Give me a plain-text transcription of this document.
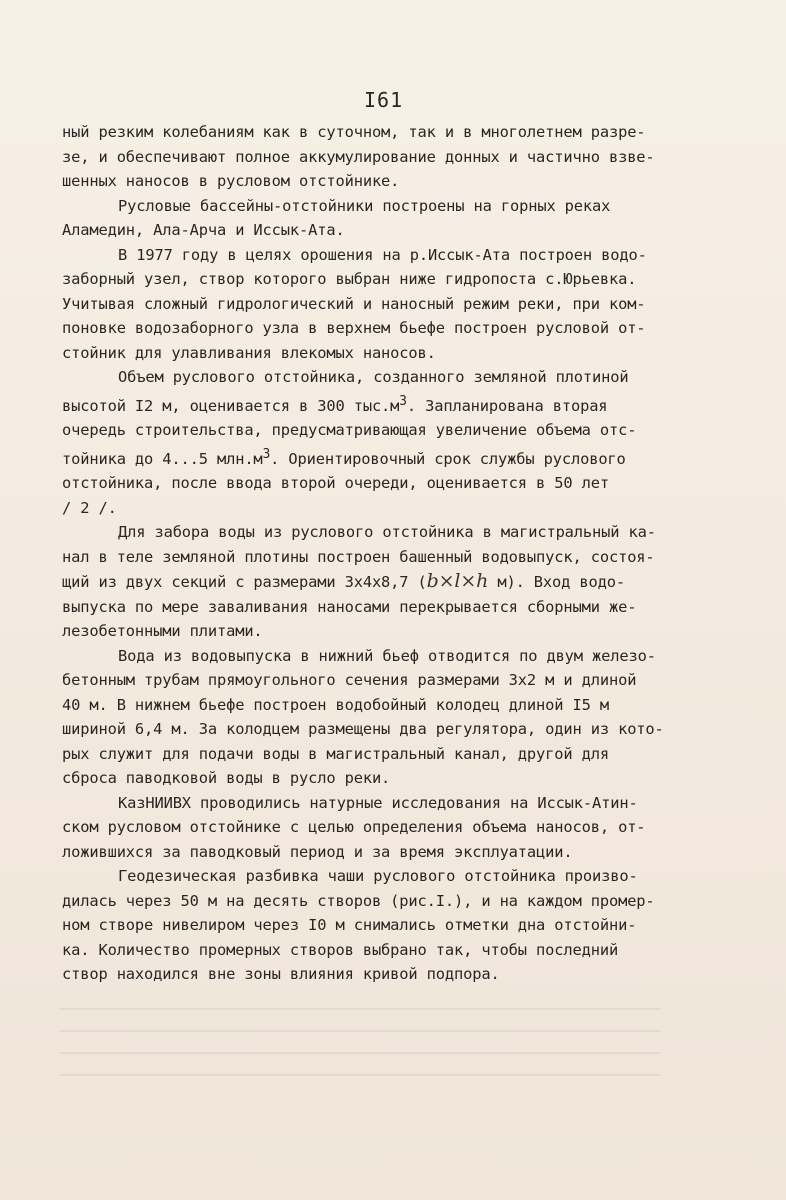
I61
ный резким колебаниям как в суточном, так и в многолетнем разре-
зе, и обеспечивают полное аккумулирование донных и частично взве-
шенных наносов в русловом отстойнике.
Русловые бассейны-отстойники построены на горных реках
Аламедин, Ала-Арча и Иссык-Ата.
В 1977 году в целях орошения на р.Иссык-Ата построен водо-
заборный узел, створ которого выбран ниже гидропоста с.Юрьевка.
Учитывая сложный гидрологический и наносный режим реки, при ком-
поновке водозаборного узла в верхнем бьефе построен русловой от-
стойник для улавливания влекомых наносов.
Объем руслового отстойника, созданного земляной плотиной
высотой I2 м, оценивается в 300 $тыс.м^3$. Запланирована вторая
очередь строительства, предусматривающая увеличение объема отс-
тойника до 4...5 $млн.м^3$. Ориентировочный срок службы руслового
отстойника, после ввода второй очереди, оценивается в 50 лет
/ 2 /.
Для забора воды из руслового отстойника в магистральный ка-
нал в теле земляной плотины построен башенный водовыпуск, состоя-
щий из двух секций с размерами 3х4х8,7 (b×l×h м). Вход водо-
выпуска по мере заваливания наносами перекрывается сборными же-
лезобетонными плитами.
Вода из водовыпуска в нижний бьеф отводится по двум железо-
бетонным трубам прямоугольного сечения размерами 3х2 м и длиной
40 м. В нижнем бьефе построен водобойный колодец длиной I5 м
шириной 6,4 м. За колодцем размещены два регулятора, один из кото-
рых служит для подачи воды в магистральный канал, другой для
сброса паводковой воды в русло реки.
КазНИИВХ проводились натурные исследования на Иссык-Атин-
ском русловом отстойнике с целью определения объема наносов, от-
ложившихся за паводковый период и за время эксплуатации.
Геодезическая разбивка чаши руслового отстойника произво-
дилась через 50 м на десять створов (рис.I.), и на каждом промер-
ном створе нивелиром через I0 м снимались отметки дна отстойни-
ка. Количество промерных створов выбрано так, чтобы последний
створ находился вне зоны влияния кривой подпора.
